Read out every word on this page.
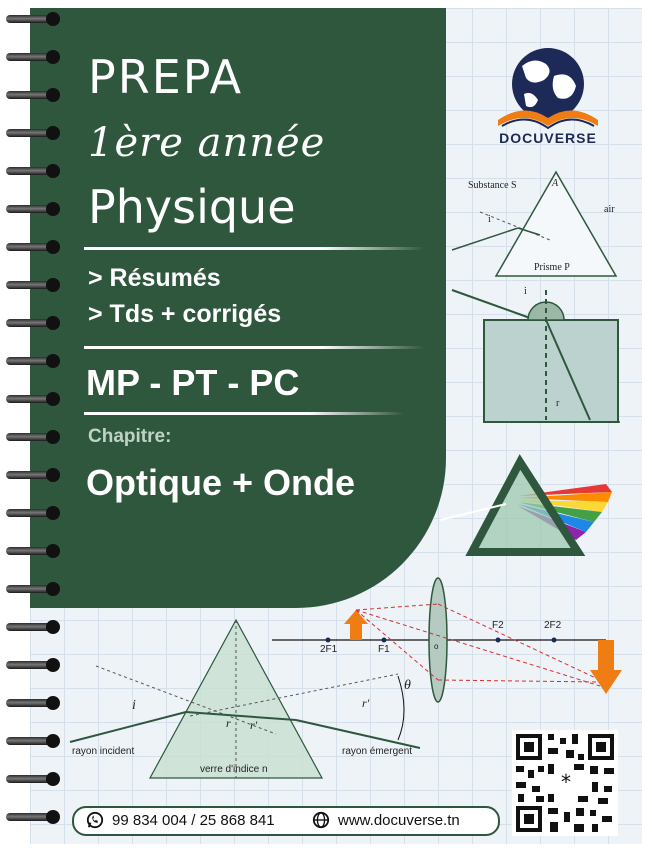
PREPA
1ère année
Physique
> Résumés
> Tds + corrigés
MP - PT - PC
Chapitre:
Optique + Onde
DOCUVERSE
Substance S	A
air
i
Prisme P
i
r
2F1	F1	o
F2	2F2
θ
i
r r'
r'
rayon incident	rayon émergent
verre d'indice n
*
99 834 004 / 25 868 841	www.docuverse.tn
